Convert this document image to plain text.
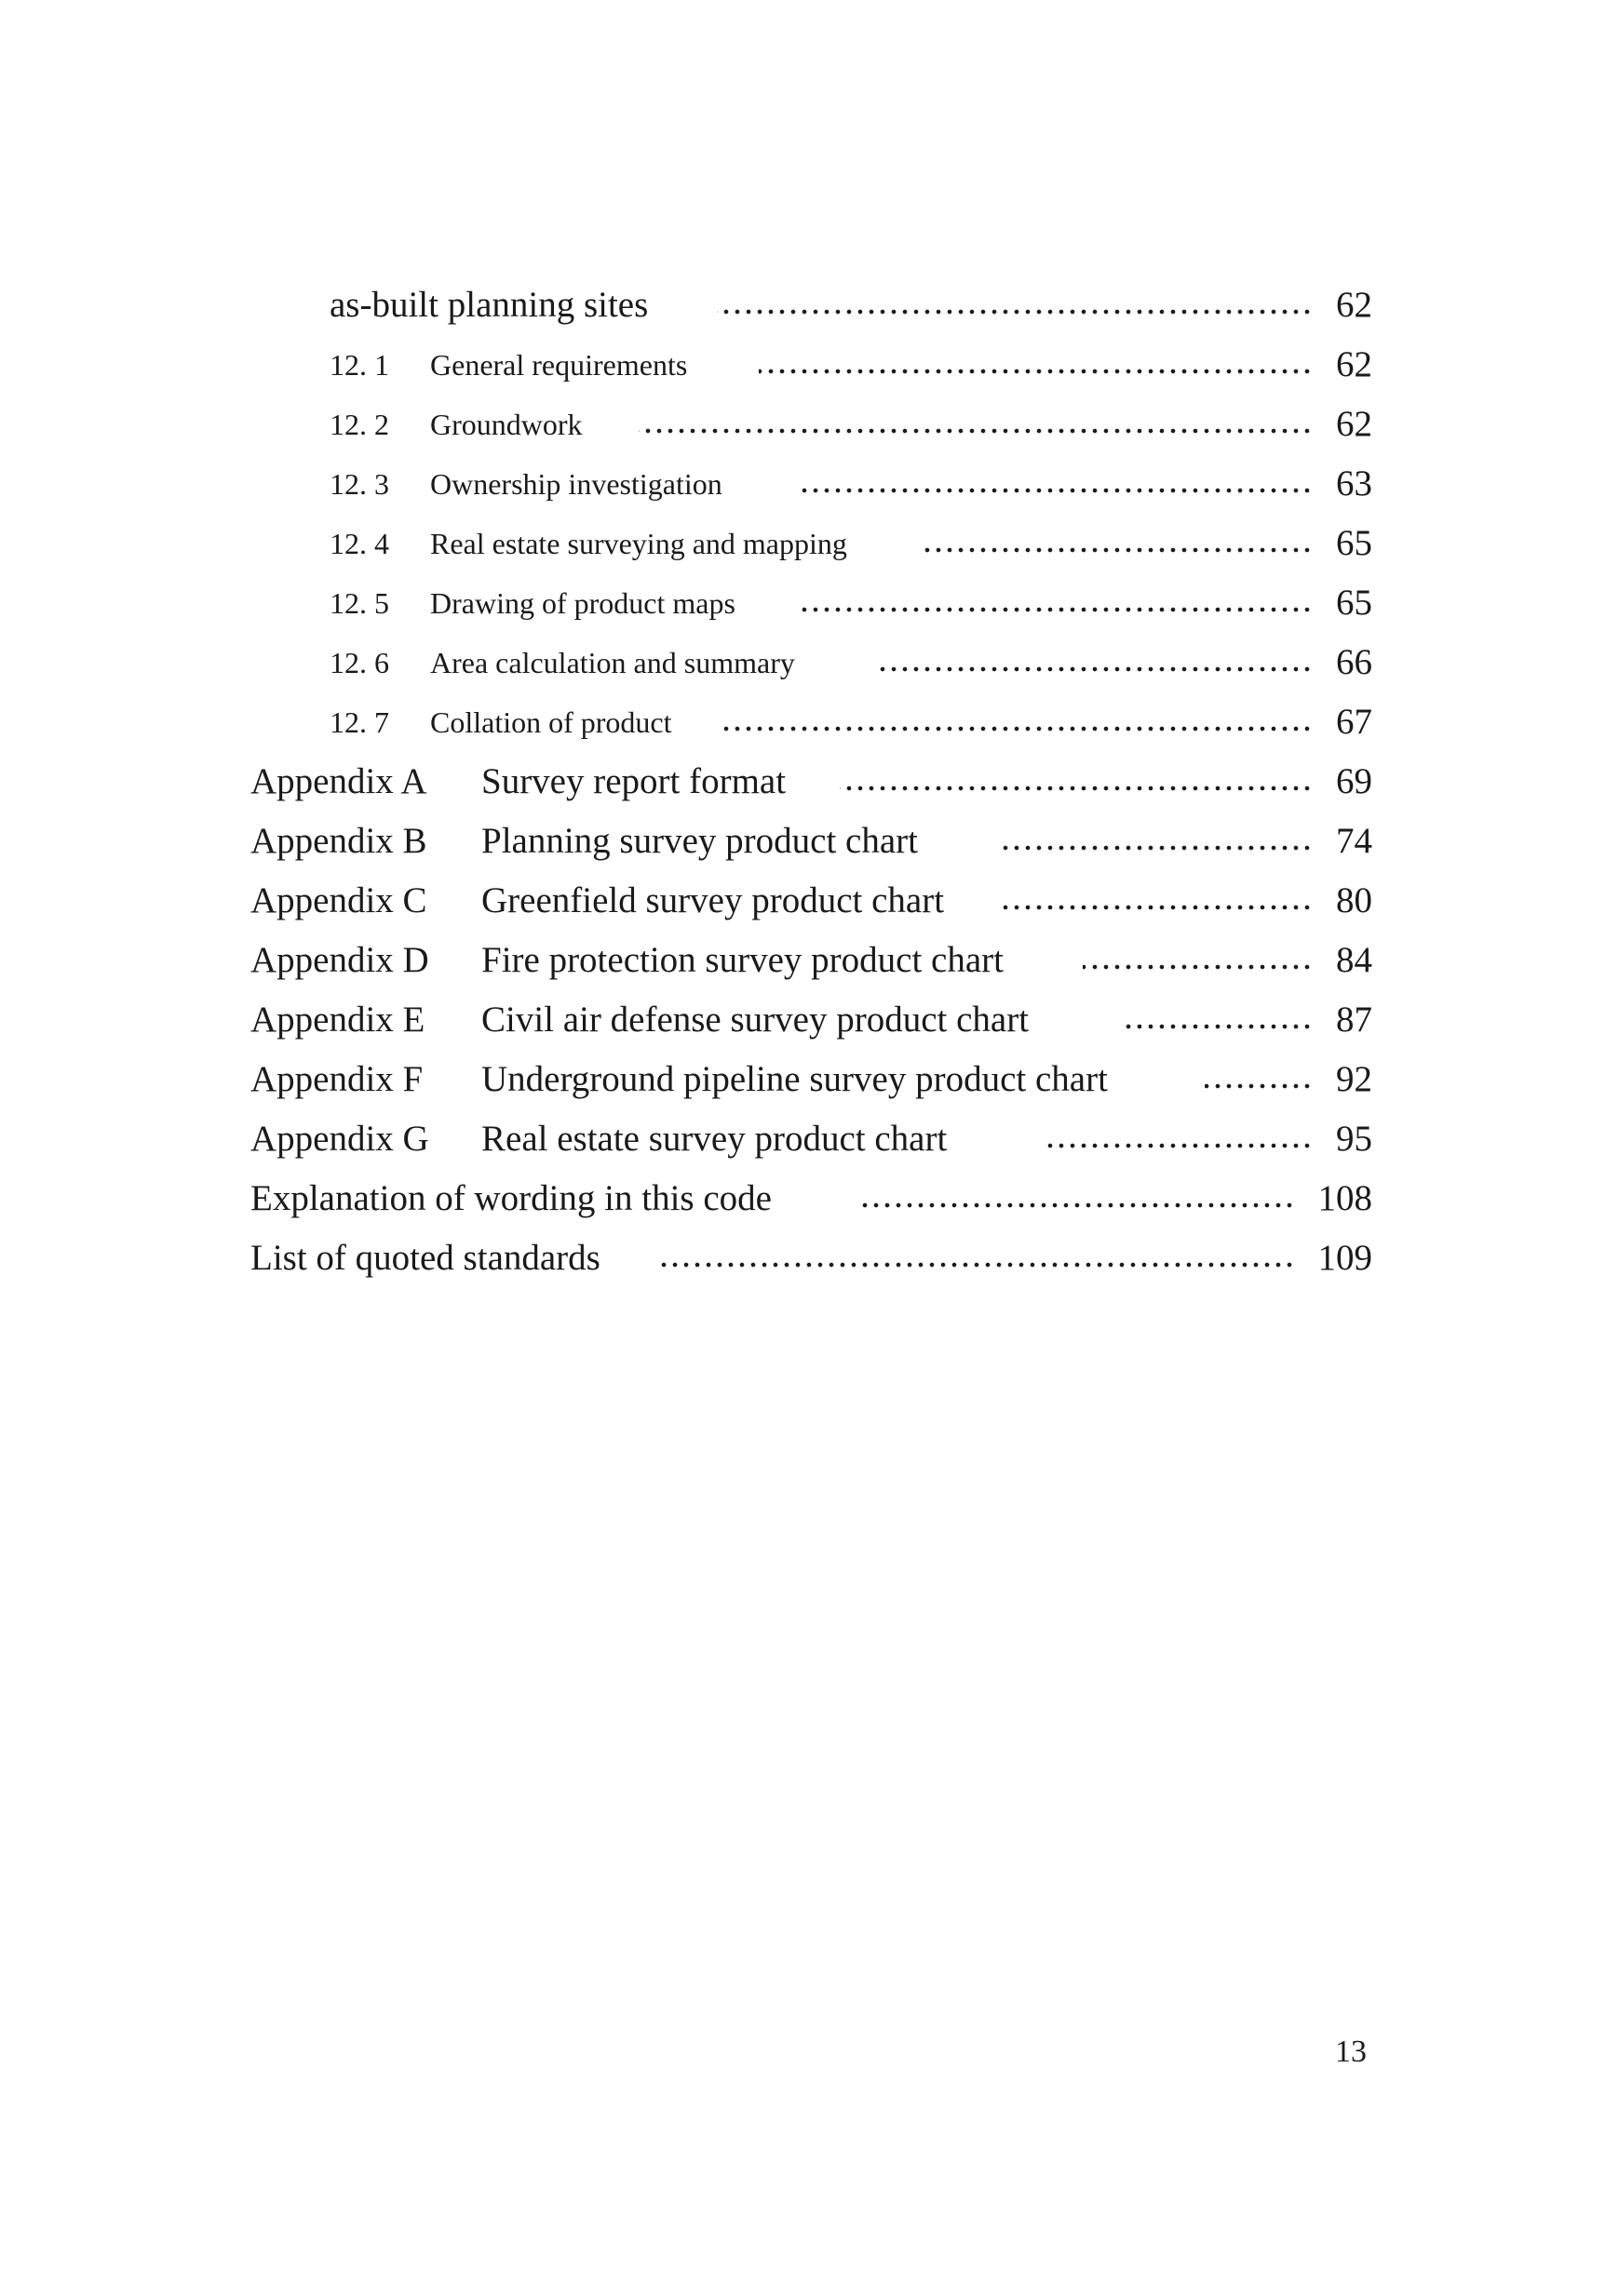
as-built planning sites	62
12. 1 General requirements	62
12. 2 Groundwork	62
12. 3 Ownership investigation	63
12. 4 Real estate surveying and mapping	65
12. 5 Drawing of product maps	65
12. 6 Area calculation and summary	66
12. 7 Collation of product	67
Appendix A Survey report format	69
Appendix B Planning survey product chart	74
Appendix C Greenfield survey product chart	80
Appendix D Fire protection survey product chart	84
Appendix E Civil air defense survey product chart	87
Appendix F Underground pipeline survey product chart	92
Appendix G Real estate survey product chart	95
Explanation of wording in this code	108
List of quoted standards	109
13
